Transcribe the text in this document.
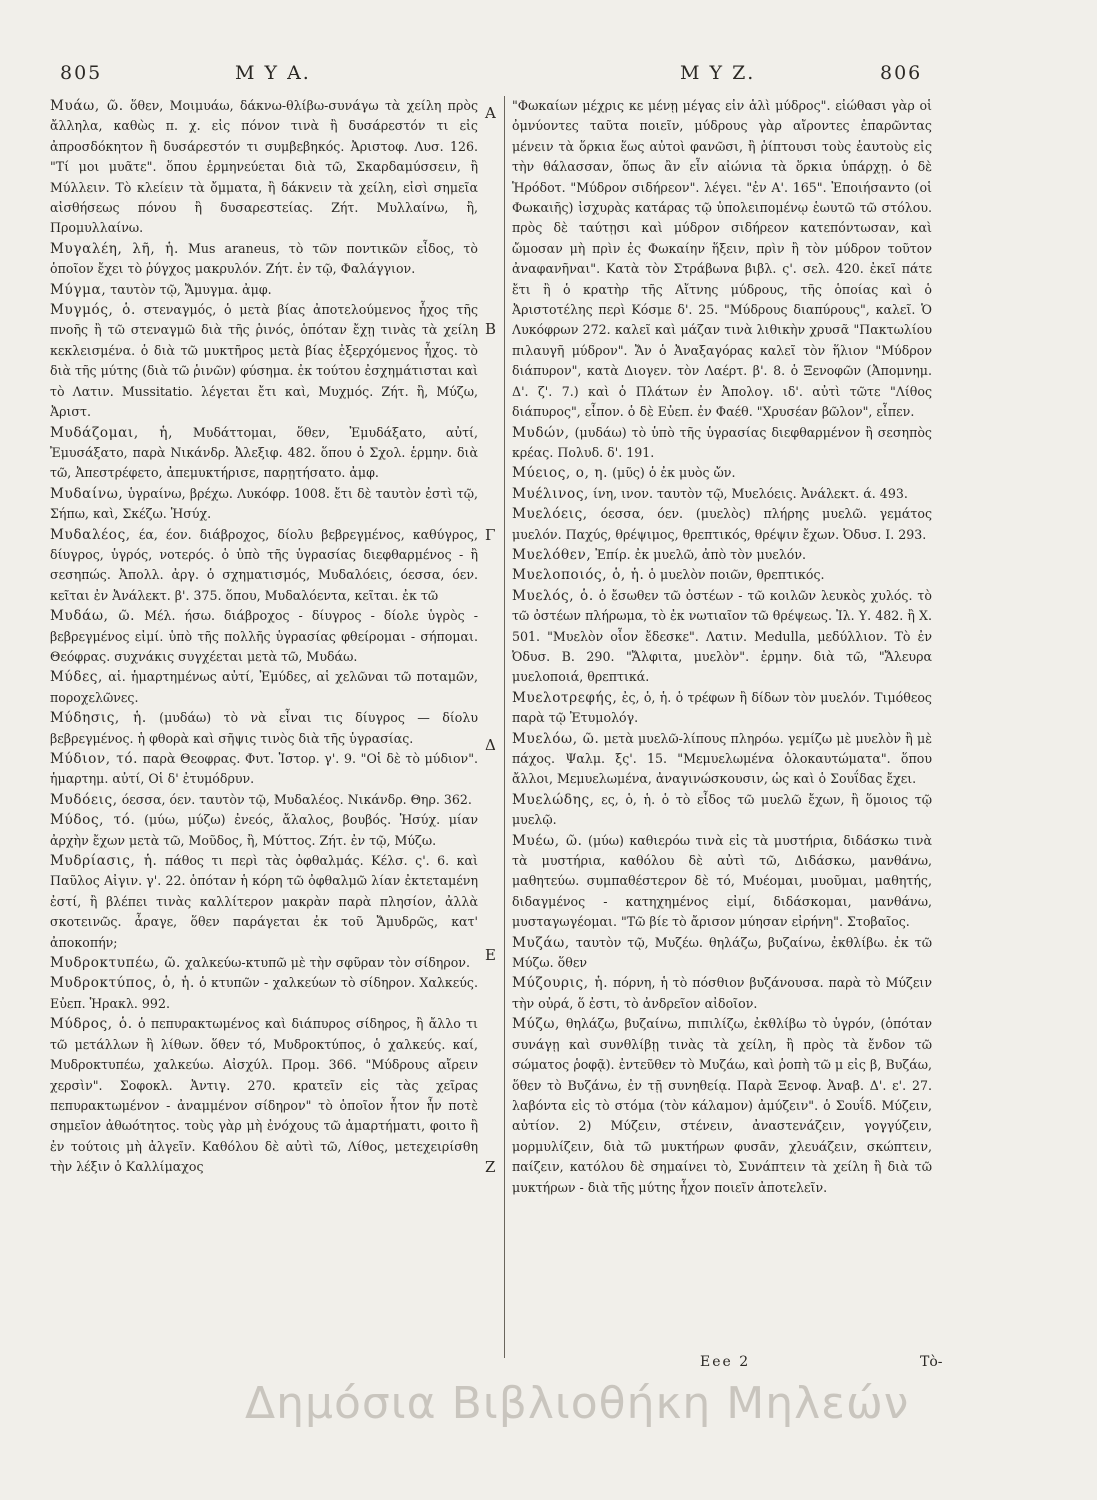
805	Μ Υ Α.	Μ Υ Ζ.	806

Μυάω, ῶ. ὅθεν, Μοιμυάω, δάκνω-θλίβω-συνάγω τὰ χείλη πρὸς ἄλληλα, καθὼς π. χ. εἰς πόνον τινὰ ἢ δυσάρεστόν τι εἰς ἀπροσδόκητον ἢ δυσάρεστόν τι συμβεβηκός. Ἀριστοφ. Λυσ. 126. "Τί μοι μυᾶτε". ὅπου ἑρμηνεύεται διὰ τῶ, Σκαρδαμύσσειν, ἢ Μύλλειν. Τὸ κλείειν τὰ ὄμματα, ἢ δάκνειν τὰ χείλη, εἰσὶ σημεῖα αἰσθήσεως πόνου ἢ δυσαρεστείας. Ζήτ. Μυλλαίνω, ἢ, Προμυλλαίνω.

Μυγαλέη, λῆ, ἡ. Mus araneus, τὸ τῶν ποντικῶν εἶδος, τὸ ὁποῖον ἔχει τὸ ῥύγχος μακρυλόν. Ζήτ. ἐν τῷ, Φαλάγγιον.

Μύγμα, ταυτὸν τῷ, Ἄμυγμα. ἀμφ.

Μυγμός, ὁ. στεναγμός, ὁ μετὰ βίας ἀποτελούμενος ἦχος τῆς πνοῆς ἢ τῶ στεναγμῶ διὰ τῆς ῥινός, ὁπόταν ἔχῃ τινὰς τὰ χείλη κεκλεισμένα. ὁ διὰ τῶ μυκτῆρος μετὰ βίας ἐξερχόμενος ἦχος. τὸ διὰ τῆς μύτης (διὰ τῶ ῥινῶν) φύσημα. ἐκ τούτου ἐσχημάτισται καὶ τὸ Λατιν. Mussitatio. λέγεται ἔτι καὶ, Μυχμός. Ζήτ. ἢ, Μύζω, Ἀριστ.

Μυδάζομαι, ἡ, Μυδάττομαι, ὅθεν, Ἐμυδάξατο, αὐτί, Ἐμυσάξατο, παρὰ Νικάνδρ. Ἀλεξιφ. 482. ὅπου ὁ Σχολ. ἑρμην. διὰ τῶ, Ἀπεστρέφετο, ἀπεμυκτήρισε, παρῃτήσατο. ἀμφ.

Μυδαίνω, ὑγραίνω, βρέχω. Λυκόφρ. 1008. ἔτι δὲ ταυτὸν ἐστὶ τῷ, Σήπω, καὶ, Σκέζω. Ἡσύχ.

Μυδαλέος, έα, έον. διάβροχος, δίολυ βεβρεγμένος, καθύγρος, δίυγρος, ὑγρός, νοτερός. ὁ ὑπὸ τῆς ὑγρασίας διεφθαρμένος - ἢ σεσηπώς. Ἀπολλ. ἀργ. ὁ σχηματισμός, Μυδαλόεις, όεσσα, όεν. κεῖται ἐν Ἀνάλεκτ. β'. 375. ὅπου, Μυδαλόεντα, κεῖται. ἐκ τῶ

Μυδάω, ῶ. Μέλ. ήσω. διάβροχος - δίυγρος - δίολε ὑγρὸς - βεβρεγμένος εἰμί. ὑπὸ τῆς πολλῆς ὑγρασίας φθείρομαι - σήπομαι. Θεόφρας. συχνάκις συγχέεται μετὰ τῶ, Μυδάω.

Μύδες, αἱ. ἡμαρτημένως αὐτί, Ἐμύδες, αἱ χελῶναι τῶ ποταμῶν, ποροχελῶνες.

Μύδησις, ἡ. (μυδάω) τὸ νὰ εἶναι τις δίυγρος — δίολυ βεβρεγμένος. ἡ φθορὰ καὶ σῆψις τινὸς διὰ τῆς ὑγρασίας.

Μύδιον, τό. παρὰ Θεοφρας. Φυτ. Ἱστορ. γ'. 9. "Οἱ δὲ τὸ μύδιον". ἡμαρτημ. αὐτί, Οἱ δ' ἐτυμόδρυν.

Μυδόεις, όεσσα, όεν. ταυτὸν τῷ, Μυδαλέος. Νικάνδρ. Θηρ. 362.

Μύδος, τό. (μύω, μύζω) ἐνεός, ἄλαλος, βουβός. Ἡσύχ. μίαν ἀρχὴν ἔχων μετὰ τῶ, Μοῦδος, ἢ, Μύττος. Ζήτ. ἐν τῷ, Μύζω.

Μυδρίασις, ἡ. πάθος τι περὶ τὰς ὀφθαλμάς. Κέλσ. ς'. 6. καὶ Παῦλος Αἰγιν. γ'. 22. ὁπόταν ἡ κόρη τῶ ὀφθαλμῶ λίαν ἐκτεταμένη ἐστί, ἢ βλέπει τινὰς καλλίτερον μακρὰν παρὰ πλησίον, ἀλλὰ σκοτεινῶς. ἆραγε, ὅθεν παράγεται ἐκ τοῦ Ἄμυδρῶς, κατ' ἀποκοπήν;

Μυδροκτυπέω, ῶ. χαλκεύω-κτυπῶ μὲ τὴν σφῦραν τὸν σίδηρον.

Μυδροκτύπος, ὁ, ἡ. ὁ κτυπῶν - χαλκεύων τὸ σίδηρον. Χαλκεύς. Εὐεπ. Ἡρακλ. 992.

Μύδρος, ὁ. ὁ πεπυρακτωμένος καὶ διάπυρος σίδηρος, ἢ ἄλλο τι τῶ μετάλλων ἢ λίθων. ὅθεν τό, Μυδροκτύπος, ὁ χαλκεύς. καί, Μυδροκτυπέω, χαλκεύω. Αἰσχύλ. Προμ. 366. "Μύδρους αἴρειν χερσὶν". Σοφοκλ. Ἀντιγ. 270. κρατεῖν εἰς τὰς χεῖρας πεπυρακτωμένον - ἀναμμένον σίδηρον" τὸ ὁποῖον ἦτον ἦν ποτὲ σημεῖον ἀθωότητος. τοὺς γὰρ μὴ ἐνόχους τῶ ἁμαρτήματι, φοιτο ἢ ἐν τούτοις μὴ ἀλγεῖν. Καθόλου δὲ αὐτὶ τῶ, Λίθος, μετεχειρίσθη τὴν λέξιν ὁ Καλλίμαχος

Α
Β
Γ
Δ
Ε
Ζ

"Φωκαίων μέχρις κε μένῃ μέγας εἰν ἁλὶ μύδρος". εἰώθασι γὰρ οἱ ὀμνύοντες ταῦτα ποιεῖν, μύδρους γὰρ αἴροντες ἐπαρῶντας μένειν τὰ ὅρκια ἕως αὐτοὶ φανῶσι, ἢ ῥίπτουσι τοὺς ἑαυτοὺς εἰς τὴν θάλασσαν, ὅπως ἂν εἶν αἰώνια τὰ ὅρκια ὑπάρχῃ. ὁ δὲ Ἡρόδοτ. "Μύδρον σιδήρεον". λέγει. "ἐν Α'. 165". Ἐποιήσαντο (οἱ Φωκαιῆς) ἰσχυρὰς κατάρας τῷ ὑπολειπομένῳ ἑωυτῶ τῶ στόλου. πρὸς δὲ ταύτῃσι καὶ μύδρον σιδήρεον κατεπόντωσαν, καὶ ὤμοσαν μὴ πρὶν ἐς Φωκαίην ἥξειν, πρὶν ἢ τὸν μύδρον τοῦτον ἀναφανῆναι". Κατὰ τὸν Στράβωνα βιβλ. ς'. σελ. 420. ἐκεῖ πάτε ἔτι ἢ ὁ κρατὴρ τῆς Αἴτνης μύδρους, τῆς ὁποίας καὶ ὁ Ἀριστοτέλης περὶ Κόσμε δ'. 25. "Μύδρους διαπύρους", καλεῖ. Ὁ Λυκόφρων 272. καλεῖ καὶ μάζαν τινὰ λιθικὴν χρυσᾶ "Πακτωλίου πιλαυγῆ μύδρον". Ἄν ὁ Ἀναξαγόρας καλεῖ τὸν ἥλιον "Μύδρον διάπυρον", κατὰ Διογεν. τὸν Λαέρτ. β'. 8. ὁ Ξενοφῶν (Ἀπομνημ. Δ'. ζ'. 7.) καὶ ὁ Πλάτων ἐν Ἀπολογ. ιδ'. αὐτὶ τῶτε "Λίθος διάπυρος", εἶπον. ὁ δὲ Εὐεπ. ἐν Φαέθ. "Χρυσέαν βῶλον", εἶπεν.

Μυδών, (μυδάω) τὸ ὑπὸ τῆς ὑγρασίας διεφθαρμένον ἢ σεσηπὸς κρέας. Πολυδ. δ'. 191.

Μύειος, ο, η. (μῦς) ὁ ἐκ μυὸς ὤν.

Μυέλινος, ίνη, ινον. ταυτὸν τῷ, Μυελόεις. Ἀνάλεκτ. ά. 493.

Μυελόεις, όεσσα, όεν. (μυελὸς) πλήρης μυελῶ. γεμάτος μυελόν. Παχύς, θρέψιμος, θρεπτικός, θρέψιν ἔχων. Ὀδυσ. Ι. 293.

Μυελόθεν, Ἐπίρ. ἐκ μυελῶ, ἀπὸ τὸν μυελόν.

Μυελοποιός, ὁ, ἡ. ὁ μυελὸν ποιῶν, θρεπτικός.

Μυελός, ὁ. ὁ ἔσωθεν τῶ ὀστέων - τῶ κοιλῶν λευκὸς χυλός. τὸ τῶ ὀστέων πλήρωμα, τὸ ἐκ νωτιαῖον τῶ θρέψεως. Ἰλ. Υ. 482. ἢ Χ. 501. "Μυελὸν οἶον ἔδεσκε". Λατιν. Medulla, μεδύλλιον. Τὸ ἐν Ὀδυσ. Β. 290. "Ἄλφιτα, μυελὸν". ἑρμην. διὰ τῶ, "Ἄλευρα μυελοποιά, θρεπτικά.

Μυελοτρεφής, ἐς, ὁ, ἡ. ὁ τρέφων ἢ δίδων τὸν μυελόν. Τιμόθεος παρὰ τῷ Ἐτυμολόγ.

Μυελόω, ῶ. μετὰ μυελῶ-λίπους πληρόω. γεμίζω μὲ μυελὸν ἢ μὲ πάχος. Ψαλμ. ξς'. 15. "Μεμυελωμένα ὁλοκαυτώματα". ὅπου ἄλλοι, Μεμυελωμένα, ἀναγινώσκουσιν, ὡς καὶ ὁ Σουΐδας ἔχει.

Μυελώδης, ες, ὁ, ἡ. ὁ τὸ εἶδος τῶ μυελῶ ἔχων, ἢ ὅμοιος τῷ μυελῷ.

Μυέω, ῶ. (μύω) καθιερόω τινὰ εἰς τὰ μυστήρια, διδάσκω τινὰ τὰ μυστήρια, καθόλου δὲ αὐτὶ τῶ, Διδάσκω, μανθάνω, μαθητεύω. συμπαθέστερον δὲ τό, Μυέομαι, μυοῦμαι, μαθητής, διδαγμένος - κατηχημένος εἰμί, διδάσκομαι, μανθάνω, μυσταγωγέομαι. "Τῶ βίε τὸ ἄρισον μύησαν εἰρήνη". Στοβαῖος.

Μυζάω, ταυτὸν τῷ, Μυζέω. θηλάζω, βυζαίνω, ἐκθλίβω. ἐκ τῶ Μύζω. ὅθεν

Μύζουρις, ἡ. πόρνη, ἡ τὸ πόσθιον βυζάνουσα. παρὰ τὸ Μύζειν τὴν οὐρά, ὅ ἐστι, τὸ ἀνδρεῖον αἰδοῖον.

Μύζω, θηλάζω, βυζαίνω, πιπιλίζω, ἐκθλίβω τὸ ὑγρόν, (ὁπόταν συνάγῃ καὶ συνθλίβῃ τινὰς τὰ χείλη, ἢ πρὸς τὰ ἔνδον τῶ σώματος ῥοφᾷ). ἐντεῦθεν τὸ Μυζάω, καὶ ῥοπὴ τῶ μ εἰς β, Βυζάω, ὅθεν τὸ Βυζάνω, ἐν τῇ συνηθείᾳ. Παρὰ Ξενοφ. Ἀναβ. Δ'. ε'. 27. λαβόντα εἰς τὸ στόμα (τὸν κάλαμον) ἀμύζειν". ὁ Σουΐδ. Μύζειν, αὐτίον. 2) Μύζειν, στένειν, ἀναστενάζειν, γογγύζειν, μορμυλίζειν, διὰ τῶ μυκτήρων φυσᾶν, χλευάζειν, σκώπτειν, παίζειν, κατόλου δὲ σημαίνει τὸ, Συνάπτειν τὰ χείλη ἢ διὰ τῶ μυκτήρων - διὰ τῆς μύτης ἦχον ποιεῖν ἀποτελεῖν.

Eee 2	Τὸ-
Δημόσια Βιβλιοθήκη Μηλεών
